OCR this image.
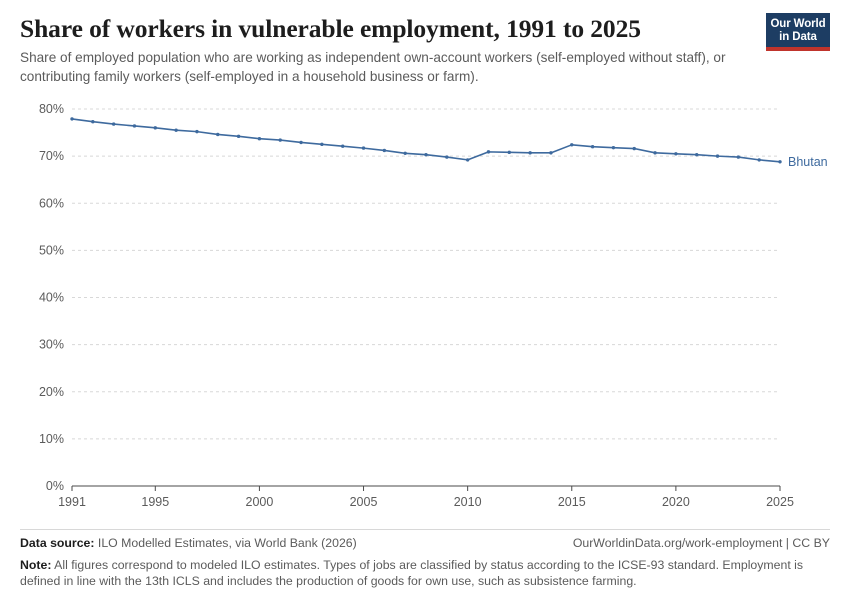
Share of workers in vulnerable employment, 1991 to 2025

Share of employed population who are working as independent own-account workers (self-employed without staff), or contributing family workers (self-employed in a household business or farm).

Our World
in Data
0%
10%
20%
30%
40%
50%
60%
70%
80%
1991	1995	2000	2005	2010	2015	2020	2025
Bhutan
Data source: ILO Modelled Estimates, via World Bank (2026)	OurWorldinData.org/work-employment | CC BY
Note: All figures correspond to modeled ILO estimates. Types of jobs are classified by status according to the ICSE-93 standard. Employment is defined in line with the 13th ICLS and includes the production of goods for own use, such as subsistence farming.
